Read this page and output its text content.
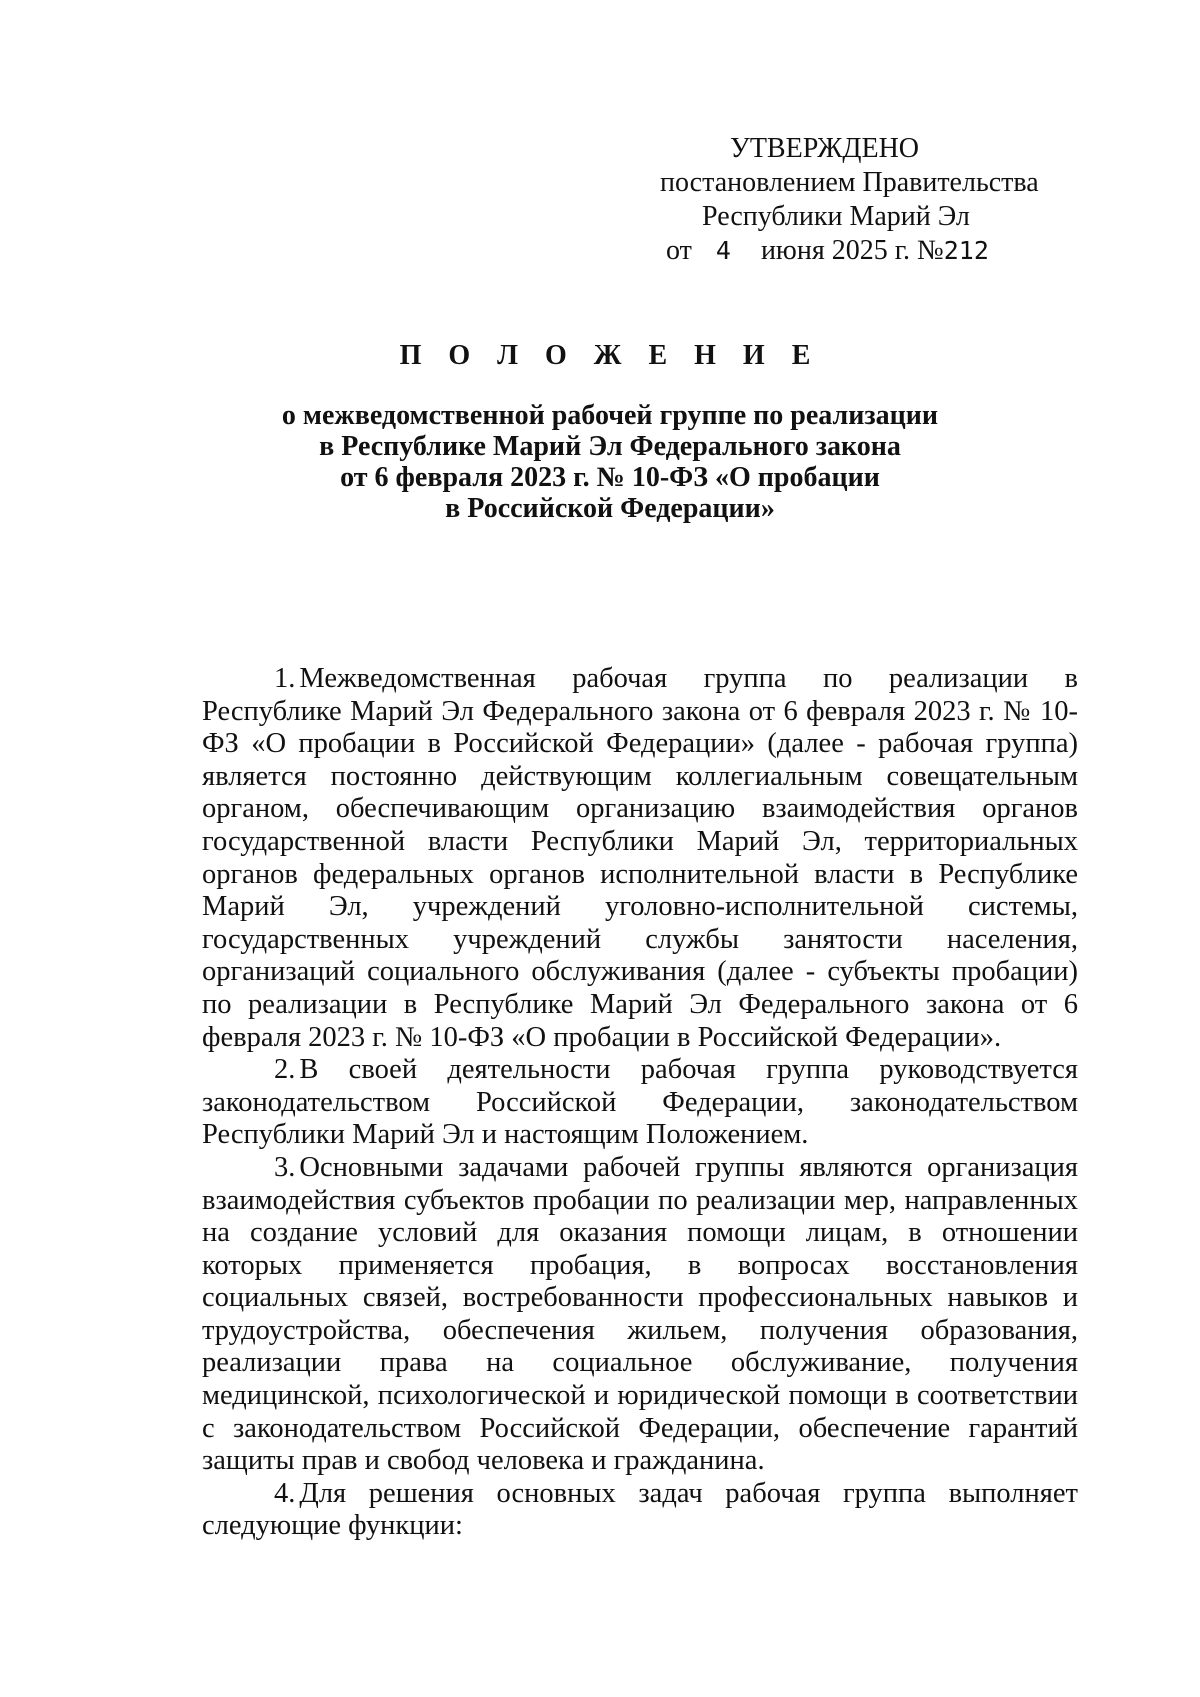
УТВЕРЖДЕНО
постановлением Правительства
Республики Марий Эл
от 4 июня 2025 г. №212
П О Л О Ж Е Н И Е
о межведомственной рабочей группе по реализации
в Республике Марий Эл Федерального закона
от 6 февраля 2023 г. № 10-ФЗ «О пробации
в Российской Федерации»

1. Межведомственная рабочая группа по реализации в Республике Марий Эл Федерального закона от 6 февраля 2023 г. № 10-ФЗ «О пробации в Российской Федерации» (далее - рабочая группа) является постоянно действующим коллегиальным совещательным органом, обеспечивающим организацию взаимодействия органов государственной власти Республики Марий Эл, территориальных органов федеральных органов исполнительной власти в Республике Марий Эл, учреждений уголовно-исполнительной системы, государственных учреждений службы занятости населения, организаций социального обслуживания (далее - субъекты пробации) по реализации в Республике Марий Эл Федерального закона от 6 февраля 2023 г. № 10-ФЗ «О пробации в Российской Федерации».

2. В своей деятельности рабочая группа руководствуется законодательством Российской Федерации, законодательством Республики Марий Эл и настоящим Положением.

3. Основными задачами рабочей группы являются организация взаимодействия субъектов пробации по реализации мер, направленных на создание условий для оказания помощи лицам, в отношении которых применяется пробация, в вопросах восстановления социальных связей, востребованности профессиональных навыков и трудоустройства, обеспечения жильем, получения образования, реализации права на социальное обслуживание, получения медицинской, психологической и юридической помощи в соответствии с законодательством Российской Федерации, обеспечение гарантий защиты прав и свобод человека и гражданина.

4. Для решения основных задач рабочая группа выполняет следующие функции:
